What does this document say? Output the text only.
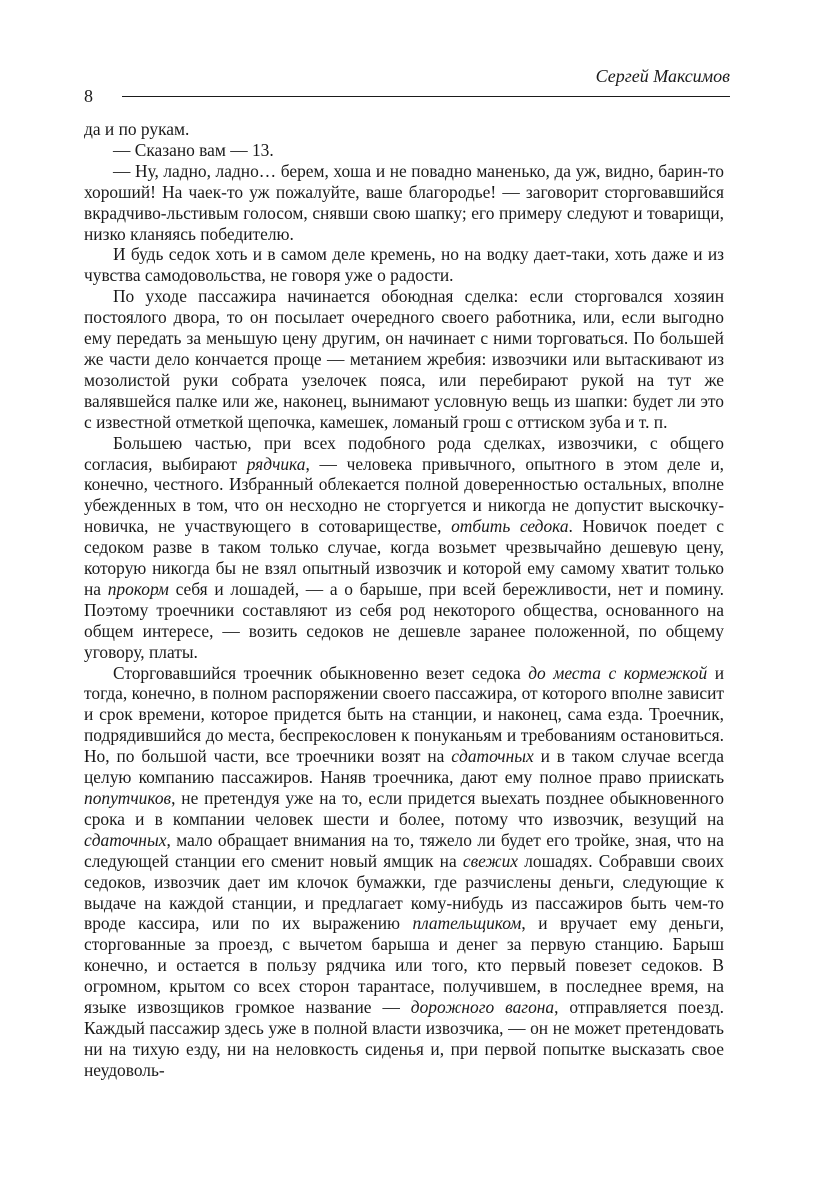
8
Сергей Максимов

да и по рукам.

— Сказано вам — 13.

— Ну, ладно, ладно… берем, хоша и не повадно маненько, да уж, видно, барин-то хороший! На чаек-то уж пожалуйте, ваше благородье! — заговорит сторговавшийся вкрадчиво-льстивым голосом, снявши свою шапку; его примеру следуют и товарищи, низко кланяясь победителю.

И будь седок хоть и в самом деле кремень, но на водку дает-таки, хоть даже и из чувства самодовольства, не говоря уже о радости.

По уходе пассажира начинается обоюдная сделка: если сторговался хозяин постоялого двора, то он посылает очередного своего работника, или, если выгодно ему передать за меньшую цену другим, он начинает с ними торговаться. По большей же части дело кончается проще — метанием жребия: извозчики или вытаскивают из мозолистой руки собрата узелочек пояса, или перебирают рукой на тут же валявшейся палке или же, наконец, вынимают условную вещь из шапки: будет ли это с известной отметкой щепочка, камешек, ломаный грош с оттиском зуба и т. п.

Большею частью, при всех подобного рода сделках, извозчики, с общего согласия, выбирают рядчика, — человека привычного, опытного в этом деле и, конечно, честного. Избранный облекается полной доверенностью остальных, вполне убежденных в том, что он несходно не сторгуется и никогда не допустит выскочку-новичка, не участвующего в сотовариществе, отбить седока. Новичок поедет с седоком разве в таком только случае, когда возьмет чрезвычайно дешевую цену, которую никогда бы не взял опытный извозчик и которой ему самому хватит только на прокорм себя и лошадей, — а о барыше, при всей бережливости, нет и помину. Поэтому троечники составляют из себя род некоторого общества, основанного на общем интересе, — возить седоков не дешевле заранее положенной, по общему уговору, платы.

Сторговавшийся троечник обыкновенно везет седока до места с кормежкой и тогда, конечно, в полном распоряжении своего пассажира, от которого вполне зависит и срок времени, которое придется быть на станции, и наконец, сама езда. Троечник, подрядившийся до места, беспрекословен к понуканьям и требованиям остановиться. Но, по большой части, все троечники возят на сдаточных и в таком случае всегда целую компанию пассажиров. Наняв троечника, дают ему полное право приискать попутчиков, не претендуя уже на то, если придется выехать позднее обыкновенного срока и в компании человек шести и более, потому что извозчик, везущий на сдаточных, мало обращает внимания на то, тяжело ли будет его тройке, зная, что на следующей станции его сменит новый ямщик на свежих лошадях. Собравши своих седоков, извозчик дает им клочок бумажки, где разчислены деньги, следующие к выдаче на каждой станции, и предлагает кому-нибудь из пассажиров быть чем-то вроде кассира, или по их выражению плательщиком, и вручает ему деньги, сторгованные за проезд, с вычетом барыша и денег за первую станцию. Барыш конечно, и остается в пользу рядчика или того, кто первый повезет седоков. В огромном, крытом со всех сторон тарантасе, получившем, в последнее время, на языке извозщиков громкое название — дорожного вагона, отправляется поезд. Каждый пассажир здесь уже в полной власти извозчика, — он не может претендовать ни на тихую езду, ни на неловкость сиденья и, при первой попытке высказать свое неудоволь-
